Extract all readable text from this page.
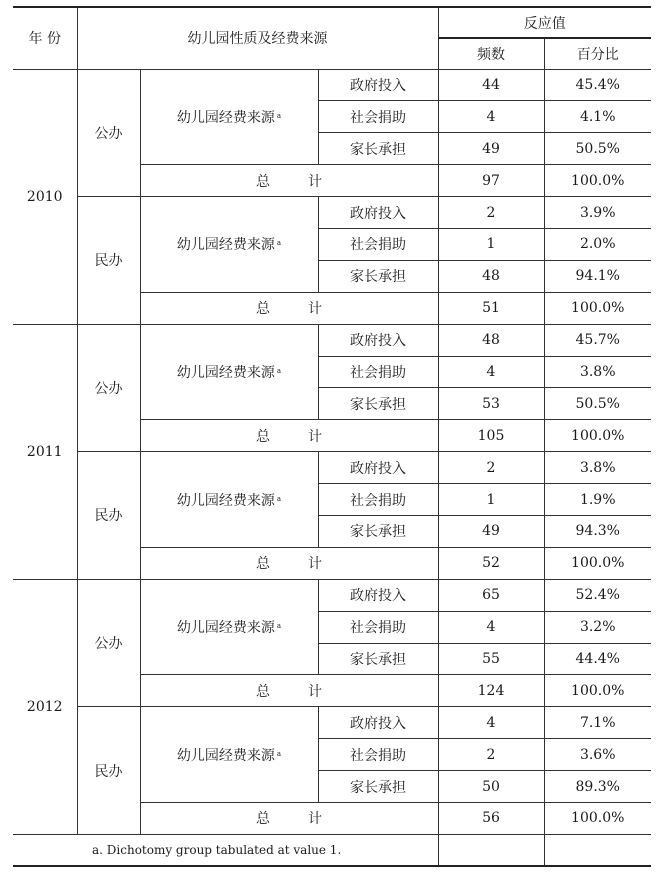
年 份	幼儿园性质及经费来源			反应值	
				频数	百分比
2010	公办	幼儿园经费来源 $^a$	政府投入	44	45.4%
			社会捐助	4	4.1%
			家长承担	49	50.5%
		总 计		97	100.0%
	民办	幼儿园经费来源 $^a$	政府投入	2	3.9%
			社会捐助	1	2.0%
			家长承担	48	94.1%
		总 计		51	100.0%
2011	公办	幼儿园经费来源 $^a$	政府投入	48	45.7%
			社会捐助	4	3.8%
			家长承担	53	50.5%
		总 计		105	100.0%
	民办	幼儿园经费来源 $^a$	政府投入	2	3.8%
			社会捐助	1	1.9%
			家长承担	49	94.3%
		总 计		52	100.0%
2012	公办	幼儿园经费来源 $^a$	政府投入	65	52.4%
			社会捐助	4	3.2%
			家长承担	55	44.4%
		总 计		124	100.0%
	民办	幼儿园经费来源 $^a$	政府投入	4	7.1%
			社会捐助	2	3.6%
			家长承担	50	89.3%
		总 计		56	100.0%
a. Dichotomy group tabulated at value 1.					
